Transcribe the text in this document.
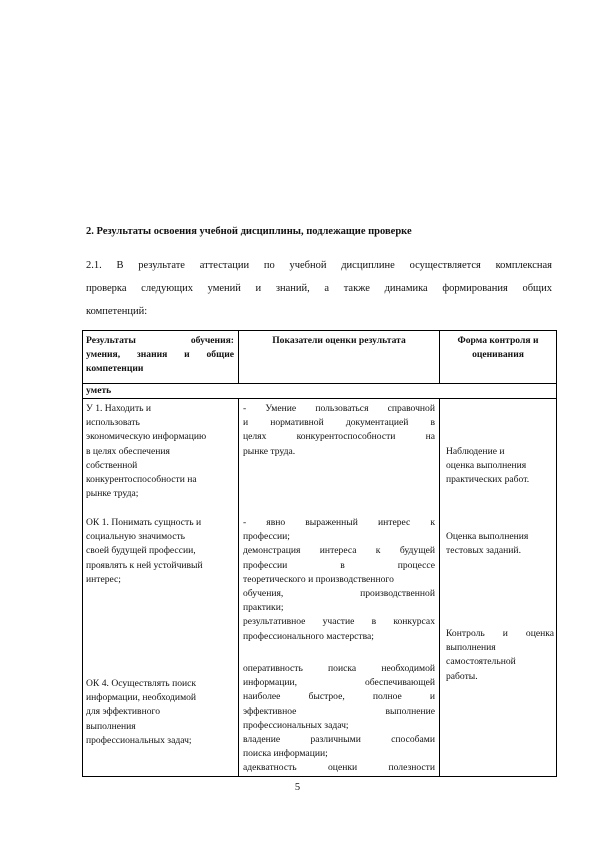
2. Результаты освоения учебной дисциплины, подлежащие проверке
2.1. В результате аттестации по учебной дисциплине осуществляется комплексная
проверка следующих умений и знаний, а также динамика формирования общих
компетенций:
Результаты обучения:
умения, знания и общие
компетенции
Показатели оценки результата	Форма контроля и
оценивания
уметь
У 1. Находить и
использовать
экономическую информацию
в целях обеспечения
собственной
конкурентоспособности на
рынке труда;
ОК 1. Понимать сущность и
социальную значимость
своей будущей профессии,
проявлять к ней устойчивый
интерес;
ОК 4. Осуществлять поиск
информации, необходимой
для эффективного
выполнения
профессиональных задач;
- Умение пользоваться справочной
и нормативной документацией в
целях конкурентоспособности на
рынке труда.
- явно выраженный интерес к
профессии;
демонстрация интереса к будущей
профессии в процессе
теоретического и производственного
обучения, производственной
практики;
результативное участие в конкурсах
профессионального мастерства;
оперативность поиска необходимой
информации, обеспечивающей
наиболее быстрое, полное и
эффективное выполнение
профессиональных задач;
владение различными способами
поиска информации;
адекватность оценки полезности
Наблюдение и
оценка выполнения
практических работ.
Оценка выполнения
тестовых заданий.
Контроль и оценка
выполнения
самостоятельной
работы.
5
